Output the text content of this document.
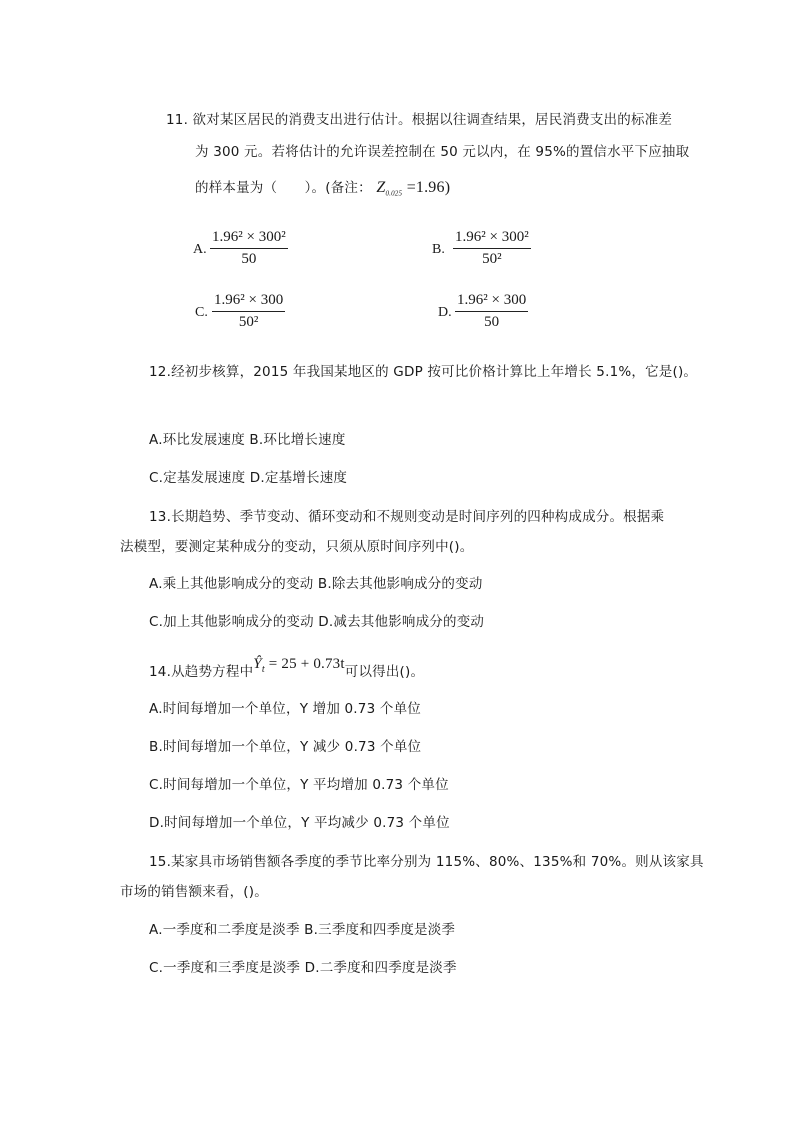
11. 欲对某区居民的消费支出进行估计。根据以往调查结果，居民消费支出的标准差
为 300 元。若将估计的允许误差控制在 50 元以内，在 95%的置信水平下应抽取
的样本量为（　　）。(备注： $Z_{0.025} =1.96$)
A. $\frac{\text{1.96² × 300²}}{50}$	B. $\frac{\text{1.96² × 300²}}{\text{50²}}$
C. $\frac{\text{1.96² × 300}}{\text{50²}}$	D. $\frac{\text{1.96² × 300}}{50}$
12.经初步核算，2015 年我国某地区的 GDP 按可比价格计算比上年增长 5.1%，它是()。
A.环比发展速度 B.环比增长速度
C.定基发展速度 D.定基增长速度
13.长期趋势、季节变动、循环变动和不规则变动是时间序列的四种构成成分。根据乘
法模型，要测定某种成分的变动，只须从原时间序列中()。
A.乘上其他影响成分的变动 B.除去其他影响成分的变动
C.加上其他影响成分的变动 D.减去其他影响成分的变动
14.从趋势方程中$Ŷ_t = 25 + 0.73t$可以得出()。
A.时间每增加一个单位，Y 增加 0.73 个单位
B.时间每增加一个单位，Y 减少 0.73 个单位
C.时间每增加一个单位，Y 平均增加 0.73 个单位
D.时间每增加一个单位，Y 平均减少 0.73 个单位
15.某家具市场销售额各季度的季节比率分别为 115%、80%、135%和 70%。则从该家具
市场的销售额来看，()。
A.一季度和二季度是淡季 B.三季度和四季度是淡季
C.一季度和三季度是淡季 D.二季度和四季度是淡季
